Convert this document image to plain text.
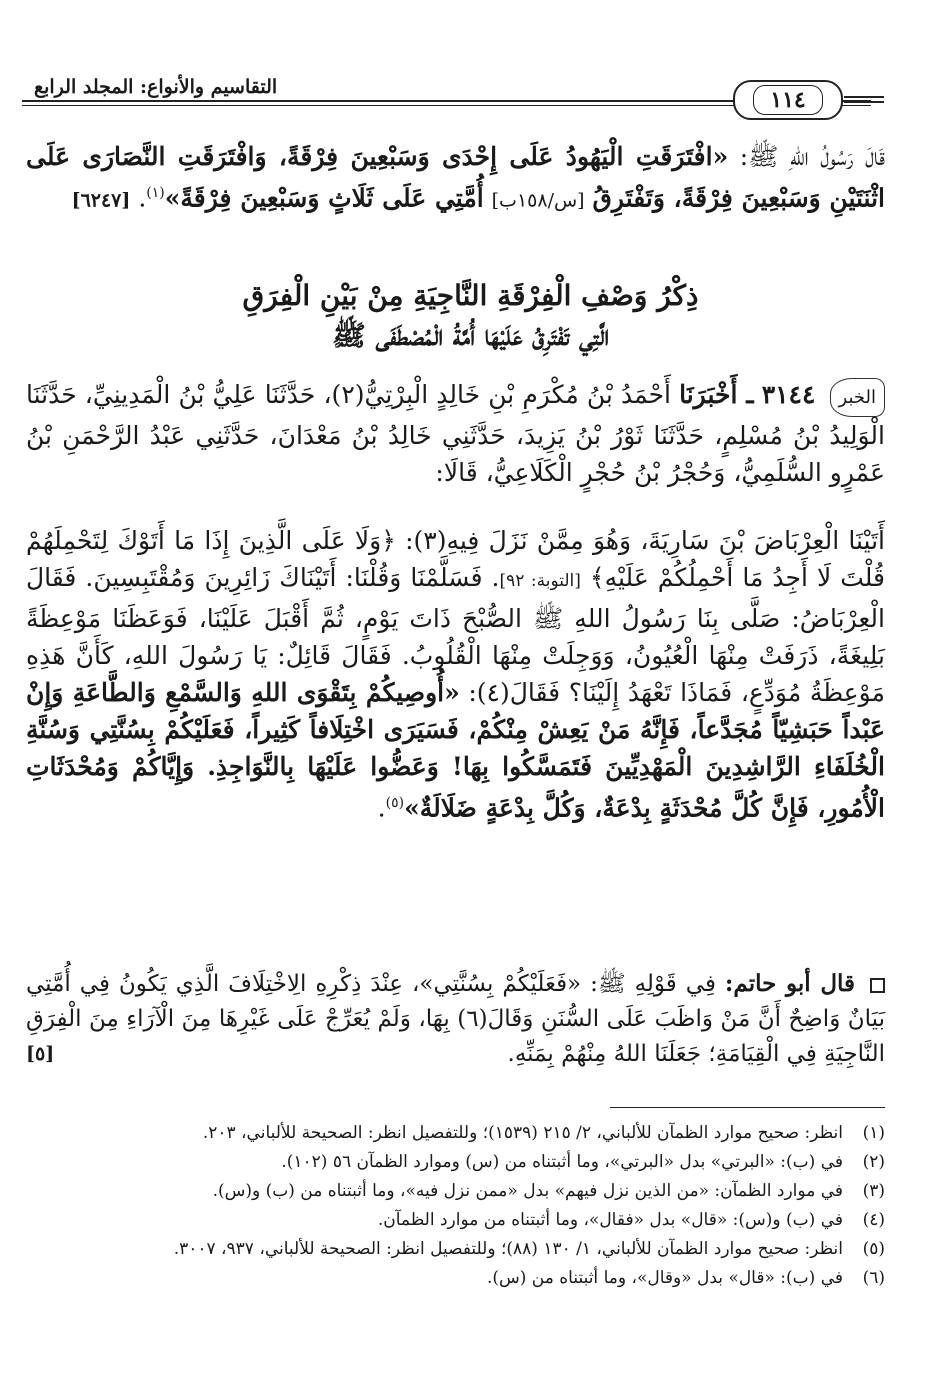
التقاسيم والأنواع: المجلد الرابع	١١٤
قَالَ رَسُولُ اللهِ ﷺ: «افْتَرَقَتِ الْيَهُودُ عَلَى إِحْدَى وَسَبْعِينَ فِرْقَةً، وَافْتَرَقَتِ النَّصَارَى عَلَى اثْنَتَيْنِ وَسَبْعِينَ فِرْقَةً، وَتَفْتَرِقُ [س/١٥٨ب] أُمَّتِي عَلَى ثَلَاثٍ وَسَبْعِينَ فِرْقَةً»$^{(١)}$. [٦٢٤٧]
ذِكْرُ وَصْفِ الْفِرْقَةِ النَّاجِيَةِ مِنْ بَيْنِ الْفِرَقِ
الَّتِي تَفْتَرِقُ عَلَيْهَا أُمَّةُ الْمُصْطَفَى ﷺ
الخبر ٣١٤٤ ـ أَخْبَرَنَا أَحْمَدُ بْنُ مُكْرَمِ بْنِ خَالِدٍ الْبِرْتِيُّ(٢)، حَدَّثَنَا عَلِيُّ بْنُ الْمَدِينِيِّ، حَدَّثَنَا الْوَلِيدُ بْنُ مُسْلِمٍ، حَدَّثَنَا ثَوْرُ بْنُ يَزِيدَ، حَدَّثَنِي خَالِدُ بْنُ مَعْدَانَ، حَدَّثَنِي عَبْدُ الرَّحْمَنِ بْنُ عَمْرٍو السُّلَمِيُّ، وَحُجْرُ بْنُ حُجْرٍ الْكَلَاعِيُّ، قَالَا:
أَتَيْنَا الْعِرْبَاضَ بْنَ سَارِيَةَ، وَهُوَ مِمَّنْ نَزَلَ فِيهِ(٣): ﴿وَلَا عَلَى الَّذِينَ إِذَا مَا أَتَوْكَ لِتَحْمِلَهُمْ قُلْتَ لَا أَجِدُ مَا أَحْمِلُكُمْ عَلَيْهِ﴾ [التوبة: ٩٢]. فَسَلَّمْنَا وَقُلْنَا: أَتَيْنَاكَ زَائِرِينَ وَمُقْتَبِسِينَ. فَقَالَ الْعِرْبَاضُ: صَلَّى بِنَا رَسُولُ اللهِ ﷺ الصُّبْحَ ذَاتَ يَوْمٍ، ثُمَّ أَقْبَلَ عَلَيْنَا، فَوَعَظَنَا مَوْعِظَةً بَلِيغَةً، ذَرَفَتْ مِنْهَا الْعُيُونُ، وَوَجِلَتْ مِنْهَا الْقُلُوبُ. فَقَالَ قَائِلٌ: يَا رَسُولَ اللهِ، كَأَنَّ هَذِهِ مَوْعِظَةُ مُوَدِّعٍ، فَمَاذَا تَعْهَدُ إِلَيْنَا؟ فَقَالَ(٤): «أُوصِيكُمْ بِتَقْوَى اللهِ وَالسَّمْعِ وَالطَّاعَةِ وَإِنْ عَبْداً حَبَشِيّاً مُجَدَّعاً، فَإِنَّهُ مَنْ يَعِشْ مِنْكُمْ، فَسَيَرَى اخْتِلَافاً كَثِيراً، فَعَلَيْكُمْ بِسُنَّتِي وَسُنَّةِ الْخُلَفَاءِ الرَّاشِدِينَ الْمَهْدِيِّينَ فَتَمَسَّكُوا بِهَا! وَعَضُّوا عَلَيْهَا بِالنَّوَاجِذِ. وَإِيَّاكُمْ وَمُحْدَثَاتِ الْأُمُورِ، فَإِنَّ كُلَّ مُحْدَثَةٍ بِدْعَةٌ، وَكُلَّ بِدْعَةٍ ضَلَالَةٌ»$^{(٥)}$.
قال أبو حاتم: فِي قَوْلِهِ ﷺ: «فَعَلَيْكُمْ بِسُنَّتِي»، عِنْدَ ذِكْرِهِ الِاخْتِلَافَ الَّذِي يَكُونُ فِي أُمَّتِي بَيَانٌ وَاضِحٌ أَنَّ مَنْ وَاظَبَ عَلَى السُّنَنِ وَقَالَ(٦) بِهَا، وَلَمْ يُعَرِّجْ عَلَى غَيْرِهَا مِنَ الْآرَاءِ مِنَ الْفِرَقِ النَّاجِيَةِ فِي الْقِيَامَةِ؛ جَعَلَنَا اللهُ مِنْهُمْ بِمَنِّهِ.
[٥]
(١)
انظر: صحيح موارد الظمآن للألباني، ٢/ ٢١٥ (١٥٣٩)؛ وللتفصيل انظر: الصحيحة للألباني، ٢٠٣.
(٢)
في (ب): «البرتي» بدل «البرتي»، وما أثبتناه من (س) وموارد الظمآن ٥٦ (١٠٢).
(٣)
في موارد الظمآن: «من الذين نزل فيهم» بدل «ممن نزل فيه»، وما أثبتناه من (ب) و(س).
(٤)
في (ب) و(س): «قال» بدل «فقال»، وما أثبتناه من موارد الظمآن.
(٥)
انظر: صحيح موارد الظمآن للألباني، ١/ ١٣٠ (٨٨)؛ وللتفصيل انظر: الصحيحة للألباني، ٩٣٧، ٣٠٠٧.
(٦)
في (ب): «قال» بدل «وقال»، وما أثبتناه من (س).
